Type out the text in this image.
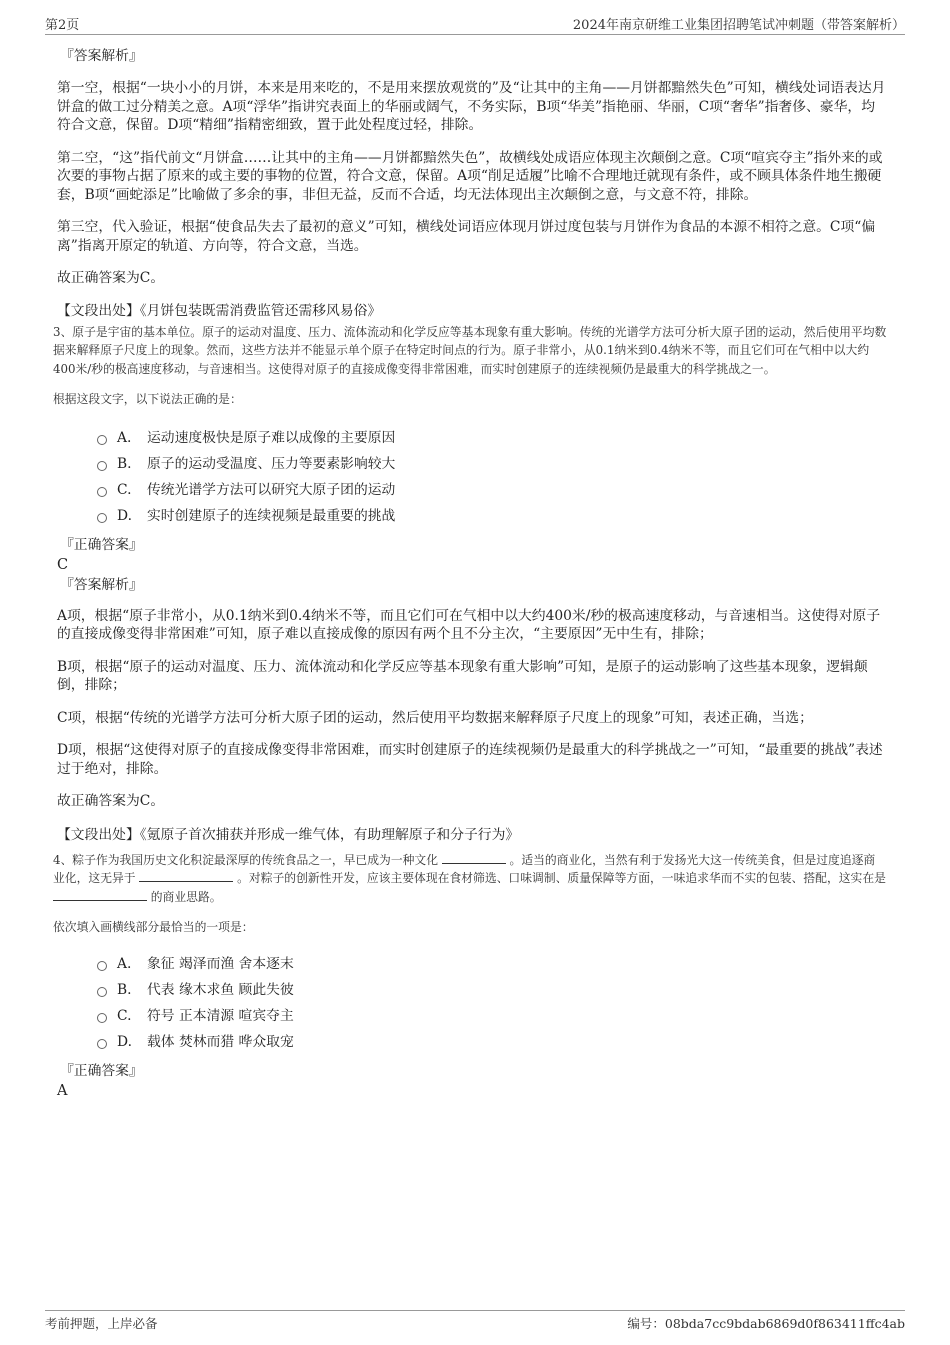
第2页	2024年南京研维工业集团招聘笔试冲刺题（带答案解析）

『答案解析』

第一空，根据“一块小小的月饼，本来是用来吃的，不是用来摆放观赏的”及“让其中的主角——月饼都黯然失色”可知，横线处词语表达月饼盒的做工过分精美之意。A项“浮华”指讲究表面上的华丽或阔气，不务实际，B项“华美”指艳丽、华丽，C项“奢华”指奢侈、豪华，均符合文意，保留。D项“精细”指精密细致，置于此处程度过轻，排除。

第二空，“这”指代前文“月饼盒……让其中的主角——月饼都黯然失色”，故横线处成语应体现主次颠倒之意。C项“喧宾夺主”指外来的或次要的事物占据了原来的或主要的事物的位置，符合文意，保留。A项“削足适履”比喻不合理地迁就现有条件，或不顾具体条件地生搬硬套，B项“画蛇添足”比喻做了多余的事，非但无益，反而不合适，均无法体现出主次颠倒之意，与文意不符，排除。

第三空，代入验证，根据“使食品失去了最初的意义”可知，横线处词语应体现月饼过度包装与月饼作为食品的本源不相符之意。C项“偏离”指离开原定的轨道、方向等，符合文意，当选。

故正确答案为C。

【文段出处】《月饼包装既需消费监管还需移风易俗》

3、原子是宇宙的基本单位。原子的运动对温度、压力、流体流动和化学反应等基本现象有重大影响。传统的光谱学方法可分析大原子团的运动，然后使用平均数据来解释原子尺度上的现象。然而，这些方法并不能显示单个原子在特定时间点的行为。原子非常小，从0.1纳米到0.4纳米不等，而且它们可在气相中以大约400米/秒的极高速度移动，与音速相当。这使得对原子的直接成像变得非常困难，而实时创建原子的连续视频仍是最重大的科学挑战之一。

根据这段文字，以下说法正确的是：

A.	运动速度极快是原子难以成像的主要原因
B.	原子的运动受温度、压力等要素影响较大
C.	传统光谱学方法可以研究大原子团的运动
D.	实时创建原子的连续视频是最重要的挑战

『正确答案』

C

『答案解析』

A项，根据“原子非常小，从0.1纳米到0.4纳米不等，而且它们可在气相中以大约400米/秒的极高速度移动，与音速相当。这使得对原子的直接成像变得非常困难”可知，原子难以直接成像的原因有两个且不分主次，“主要原因”无中生有，排除；

B项，根据“原子的运动对温度、压力、流体流动和化学反应等基本现象有重大影响”可知，是原子的运动影响了这些基本现象，逻辑颠倒，排除；

C项，根据“传统的光谱学方法可分析大原子团的运动，然后使用平均数据来解释原子尺度上的现象”可知，表述正确，当选；

D项，根据“这使得对原子的直接成像变得非常困难，而实时创建原子的连续视频仍是最重大的科学挑战之一”可知，“最重要的挑战”表述过于绝对，排除。

故正确答案为C。

【文段出处】《氪原子首次捕获并形成一维气体，有助理解原子和分子行为》

4、粽子作为我国历史文化积淀最深厚的传统食品之一，早已成为一种文化	。适当的商业化，当然有利于发扬光大这一传统美食，但是过度追逐商业化，这无异于	。对粽子的创新性开发，应该主要体现在食材筛选、口味调制、质量保障等方面，一味追求华而不实的包装、搭配，这实在是  的商业思路。

依次填入画横线部分最恰当的一项是：

A.	象征 竭泽而渔 舍本逐末
B.	代表 缘木求鱼 顾此失彼
C.	符号 正本清源 喧宾夺主
D.	载体 焚林而猎 哗众取宠

『正确答案』

A

考前押题，上岸必备	编号：08bda7cc9bdab6869d0f863411ffc4ab
